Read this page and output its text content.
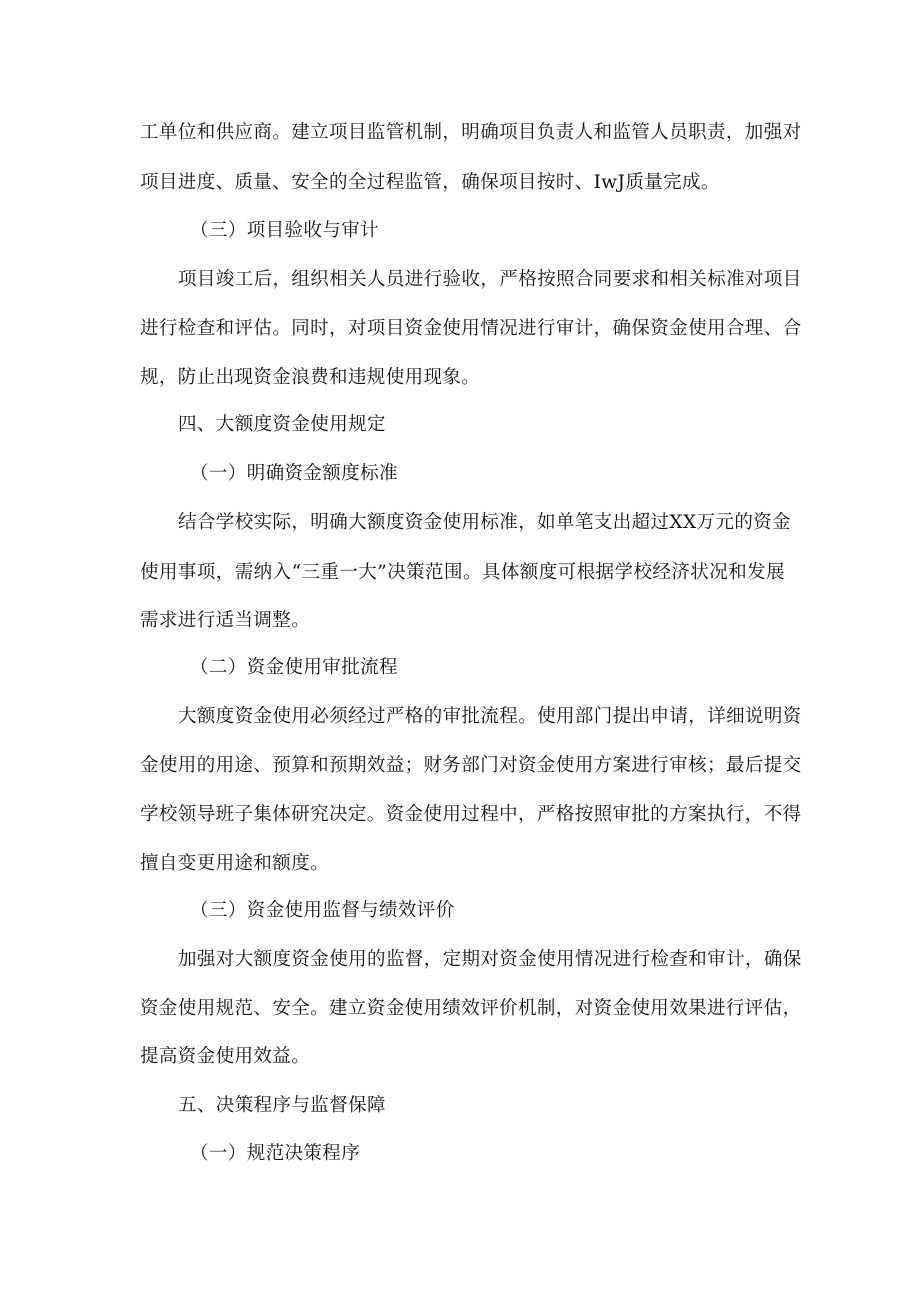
工单位和供应商。建立项目监管机制，明确项目负责人和监管人员职责，加强对
项目进度、质量、安全的全过程监管，确保项目按时、IwJ质量完成。
（三）项目验收与审计
项目竣工后，组织相关人员进行验收，严格按照合同要求和相关标准对项目
进行检查和评估。同时，对项目资金使用情况进行审计，确保资金使用合理、合
规，防止出现资金浪费和违规使用现象。
四、大额度资金使用规定
（一）明确资金额度标准
结合学校实际，明确大额度资金使用标准，如单笔支出超过XX万元的资金
使用事项，需纳入“三重一大”决策范围。具体额度可根据学校经济状况和发展
需求进行适当调整。
（二）资金使用审批流程
大额度资金使用必须经过严格的审批流程。使用部门提出申请，详细说明资
金使用的用途、预算和预期效益；财务部门对资金使用方案进行审核；最后提交
学校领导班子集体研究决定。资金使用过程中，严格按照审批的方案执行，不得
擅自变更用途和额度。
（三）资金使用监督与绩效评价
加强对大额度资金使用的监督，定期对资金使用情况进行检查和审计，确保
资金使用规范、安全。建立资金使用绩效评价机制，对资金使用效果进行评估，
提高资金使用效益。
五、决策程序与监督保障
（一）规范决策程序
